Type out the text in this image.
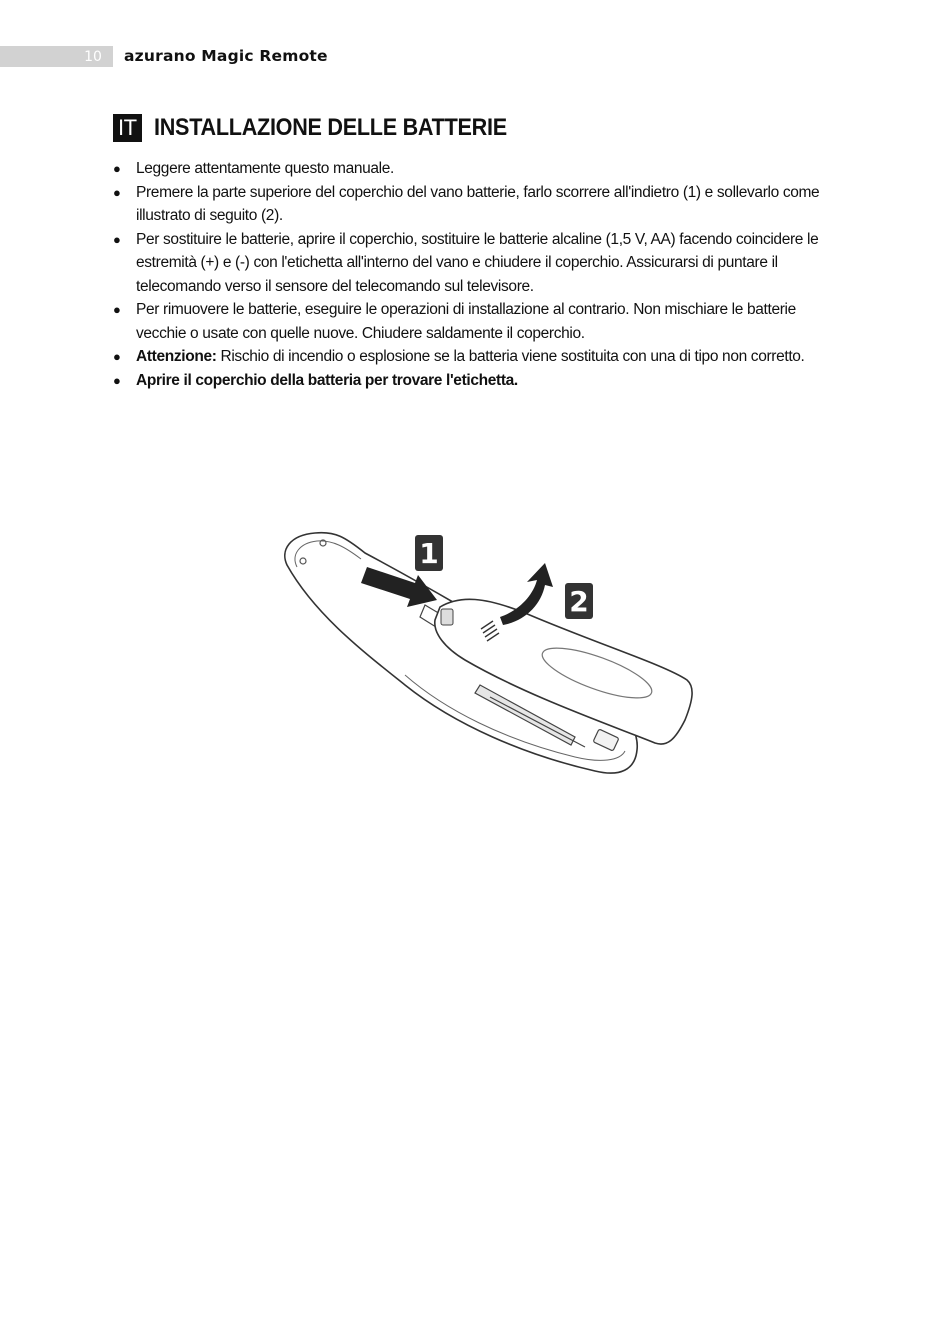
10 azurano Magic Remote
IT INSTALLAZIONE DELLE BATTERIE
● Leggere attentamente questo manuale.
● Premere la parte superiore del coperchio del vano batterie, farlo scorrere all'indietro (1) e sollevarlo come illustrato di seguito (2).
● Per sostituire le batterie, aprire il coperchio, sostituire le batterie alcaline (1,5 V, AA) facendo coincidere le estremità (+) e (-) con l'etichetta all'interno del vano e chiudere il coperchio. Assicurarsi di puntare il telecomando verso il sensore del telecomando sul televisore.
● Per rimuovere le batterie, eseguire le operazioni di installazione al contrario. Non mischiare le batterie vecchie o usate con quelle nuove. Chiudere saldamente il coperchio.
● Attenzione: Rischio di incendio o esplosione se la batteria viene sostituita con una di tipo non corretto.
● Aprire il coperchio della batteria per trovare l'etichetta.
1
2
